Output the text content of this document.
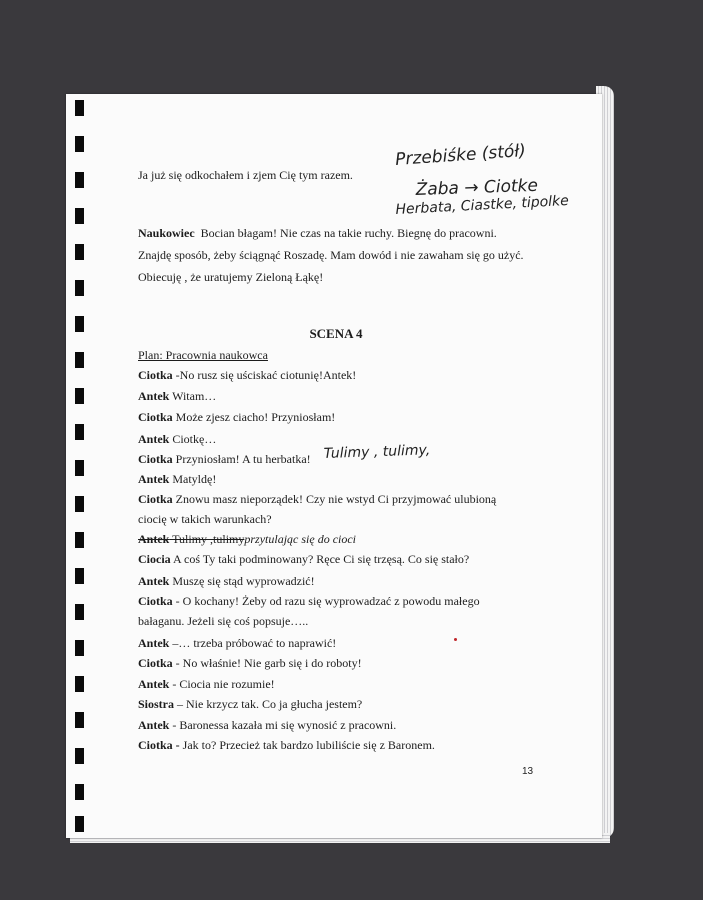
Przebiśke (stół)
Żaba → Ciotke
Herbata, Ciastke, tipolke
Ja już się odkochałem i zjem Cię tym razem.
Naukowiec Bocian błagam! Nie czas na takie ruchy. Biegnę do pracowni.
Znajdę sposób, żeby ściągnąć Roszadę. Mam dowód i nie zawaham się go użyć.
Obiecuję , że uratujemy Zieloną Łąkę!
SCENA 4
Plan: Pracownia naukowca
Ciotka -No rusz się uściskać ciotunię!Antek!
Antek Witam…
Ciotka Może zjesz ciacho! Przyniosłam!
Antek Ciotkę…
Ciotka Przyniosłam! A tu herbatka! Tulimy , tulimy,
Antek Matyldę!
Ciotka Znowu masz nieporządek! Czy nie wstyd Ci przyjmować ulubioną
ciocię w takich warunkach?
Antek Tulimy ,tulimyprzytulając się do cioci
Ciocia A coś Ty taki podminowany? Ręce Ci się trzęsą. Co się stało?
Antek Muszę się stąd wyprowadzić!
Ciotka - O kochany! Żeby od razu się wyprowadzać z powodu małego
bałaganu. Jeżeli się coś popsuje…..
Antek –… trzeba próbować to naprawić!
Ciotka - No właśnie! Nie garb się i do roboty!
Antek - Ciocia nie rozumie!
Siostra – Nie krzycz tak. Co ja głucha jestem?
Antek - Baronessa kazała mi się wynosić z pracowni.
Ciotka - Jak to? Przecież tak bardzo lubiliście się z Baronem.
13
